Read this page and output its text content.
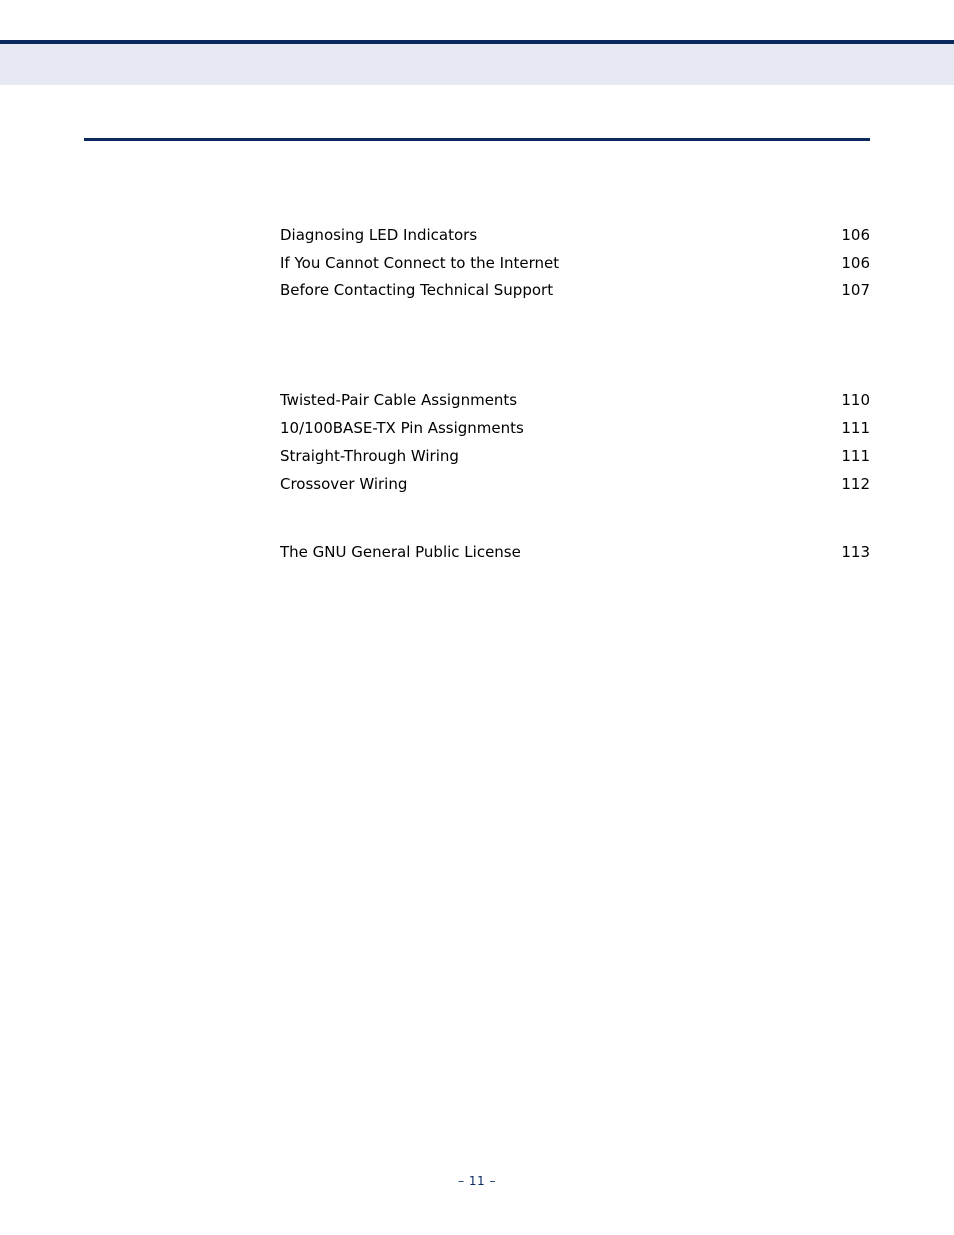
Diagnosing LED Indicators	106
If You Cannot Connect to the Internet	106
Before Contacting Technical Support	107
Twisted-Pair Cable Assignments	110
10/100BASE-TX Pin Assignments	111
Straight-Through Wiring	111
Crossover Wiring	112
The GNU General Public License	113
– 11 –
